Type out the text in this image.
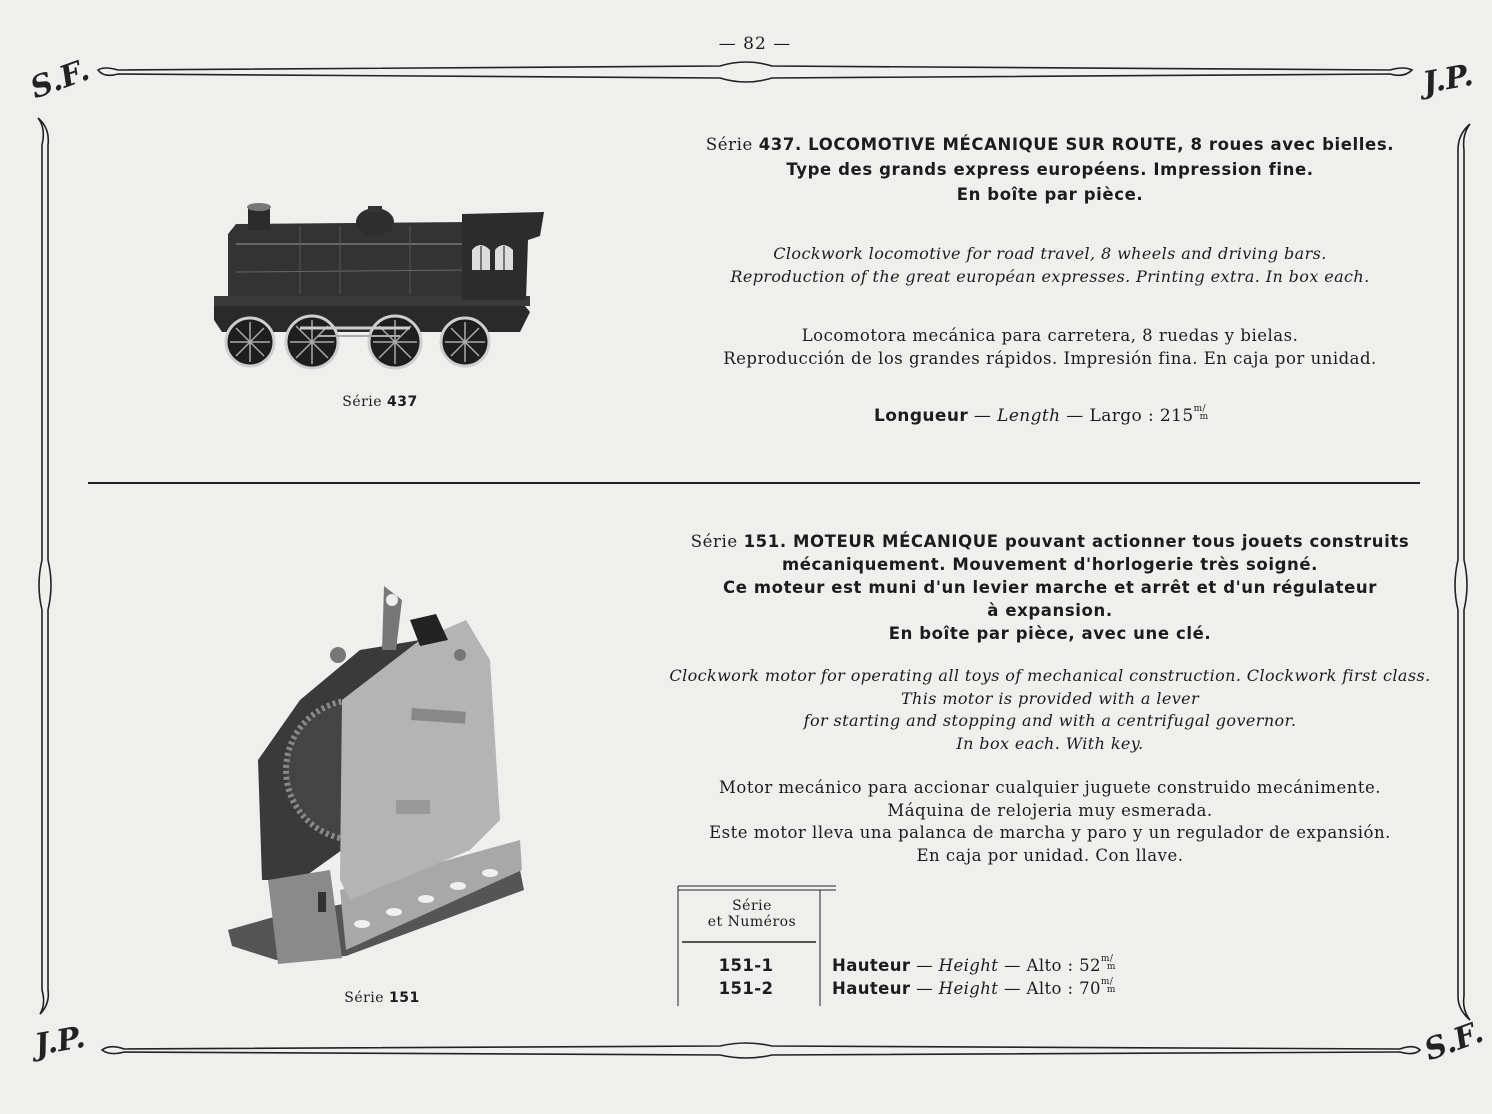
— 82 —
S.F.	J.P.
J.P.	S.F.
Série 437. LOCOMOTIVE MÉCANIQUE SUR ROUTE, 8 roues avec bielles.
Type des grands express européens. Impression fine.
En boîte par pièce.
Clockwork locomotive for road travel, 8 wheels and driving bars.
Reproduction of the great européan expresses. Printing extra. In box each.
Locomotora mecánica para carretera, 8 ruedas y bielas.
Reproducción de los grandes rápidos. Impresión fina. En caja por unidad.
Longueur — Length — Largo : 215m/
m
Série 437
Série 151. MOTEUR MÉCANIQUE pouvant actionner tous jouets construits
mécaniquement. Mouvement d'horlogerie très soigné.
Ce moteur est muni d'un levier marche et arrêt et d'un régulateur
à expansion.
En boîte par pièce, avec une clé.
Clockwork motor for operating all toys of mechanical construction. Clockwork first class.
This motor is provided with a lever
for starting and stopping and with a centrifugal governor.
In box each. With key.
Motor mecánico para accionar cualquier juguete construido mecánimente.
Máquina de relojeria muy esmerada.
Este motor lleva una palanca de marcha y paro y un regulador de expansión.
En caja por unidad. Con llave.
Série
et Numéros
151-1	Hauteur — Height — Alto : 52m/
m
151-2	Hauteur — Height — Alto : 70m/
m
Série 151
